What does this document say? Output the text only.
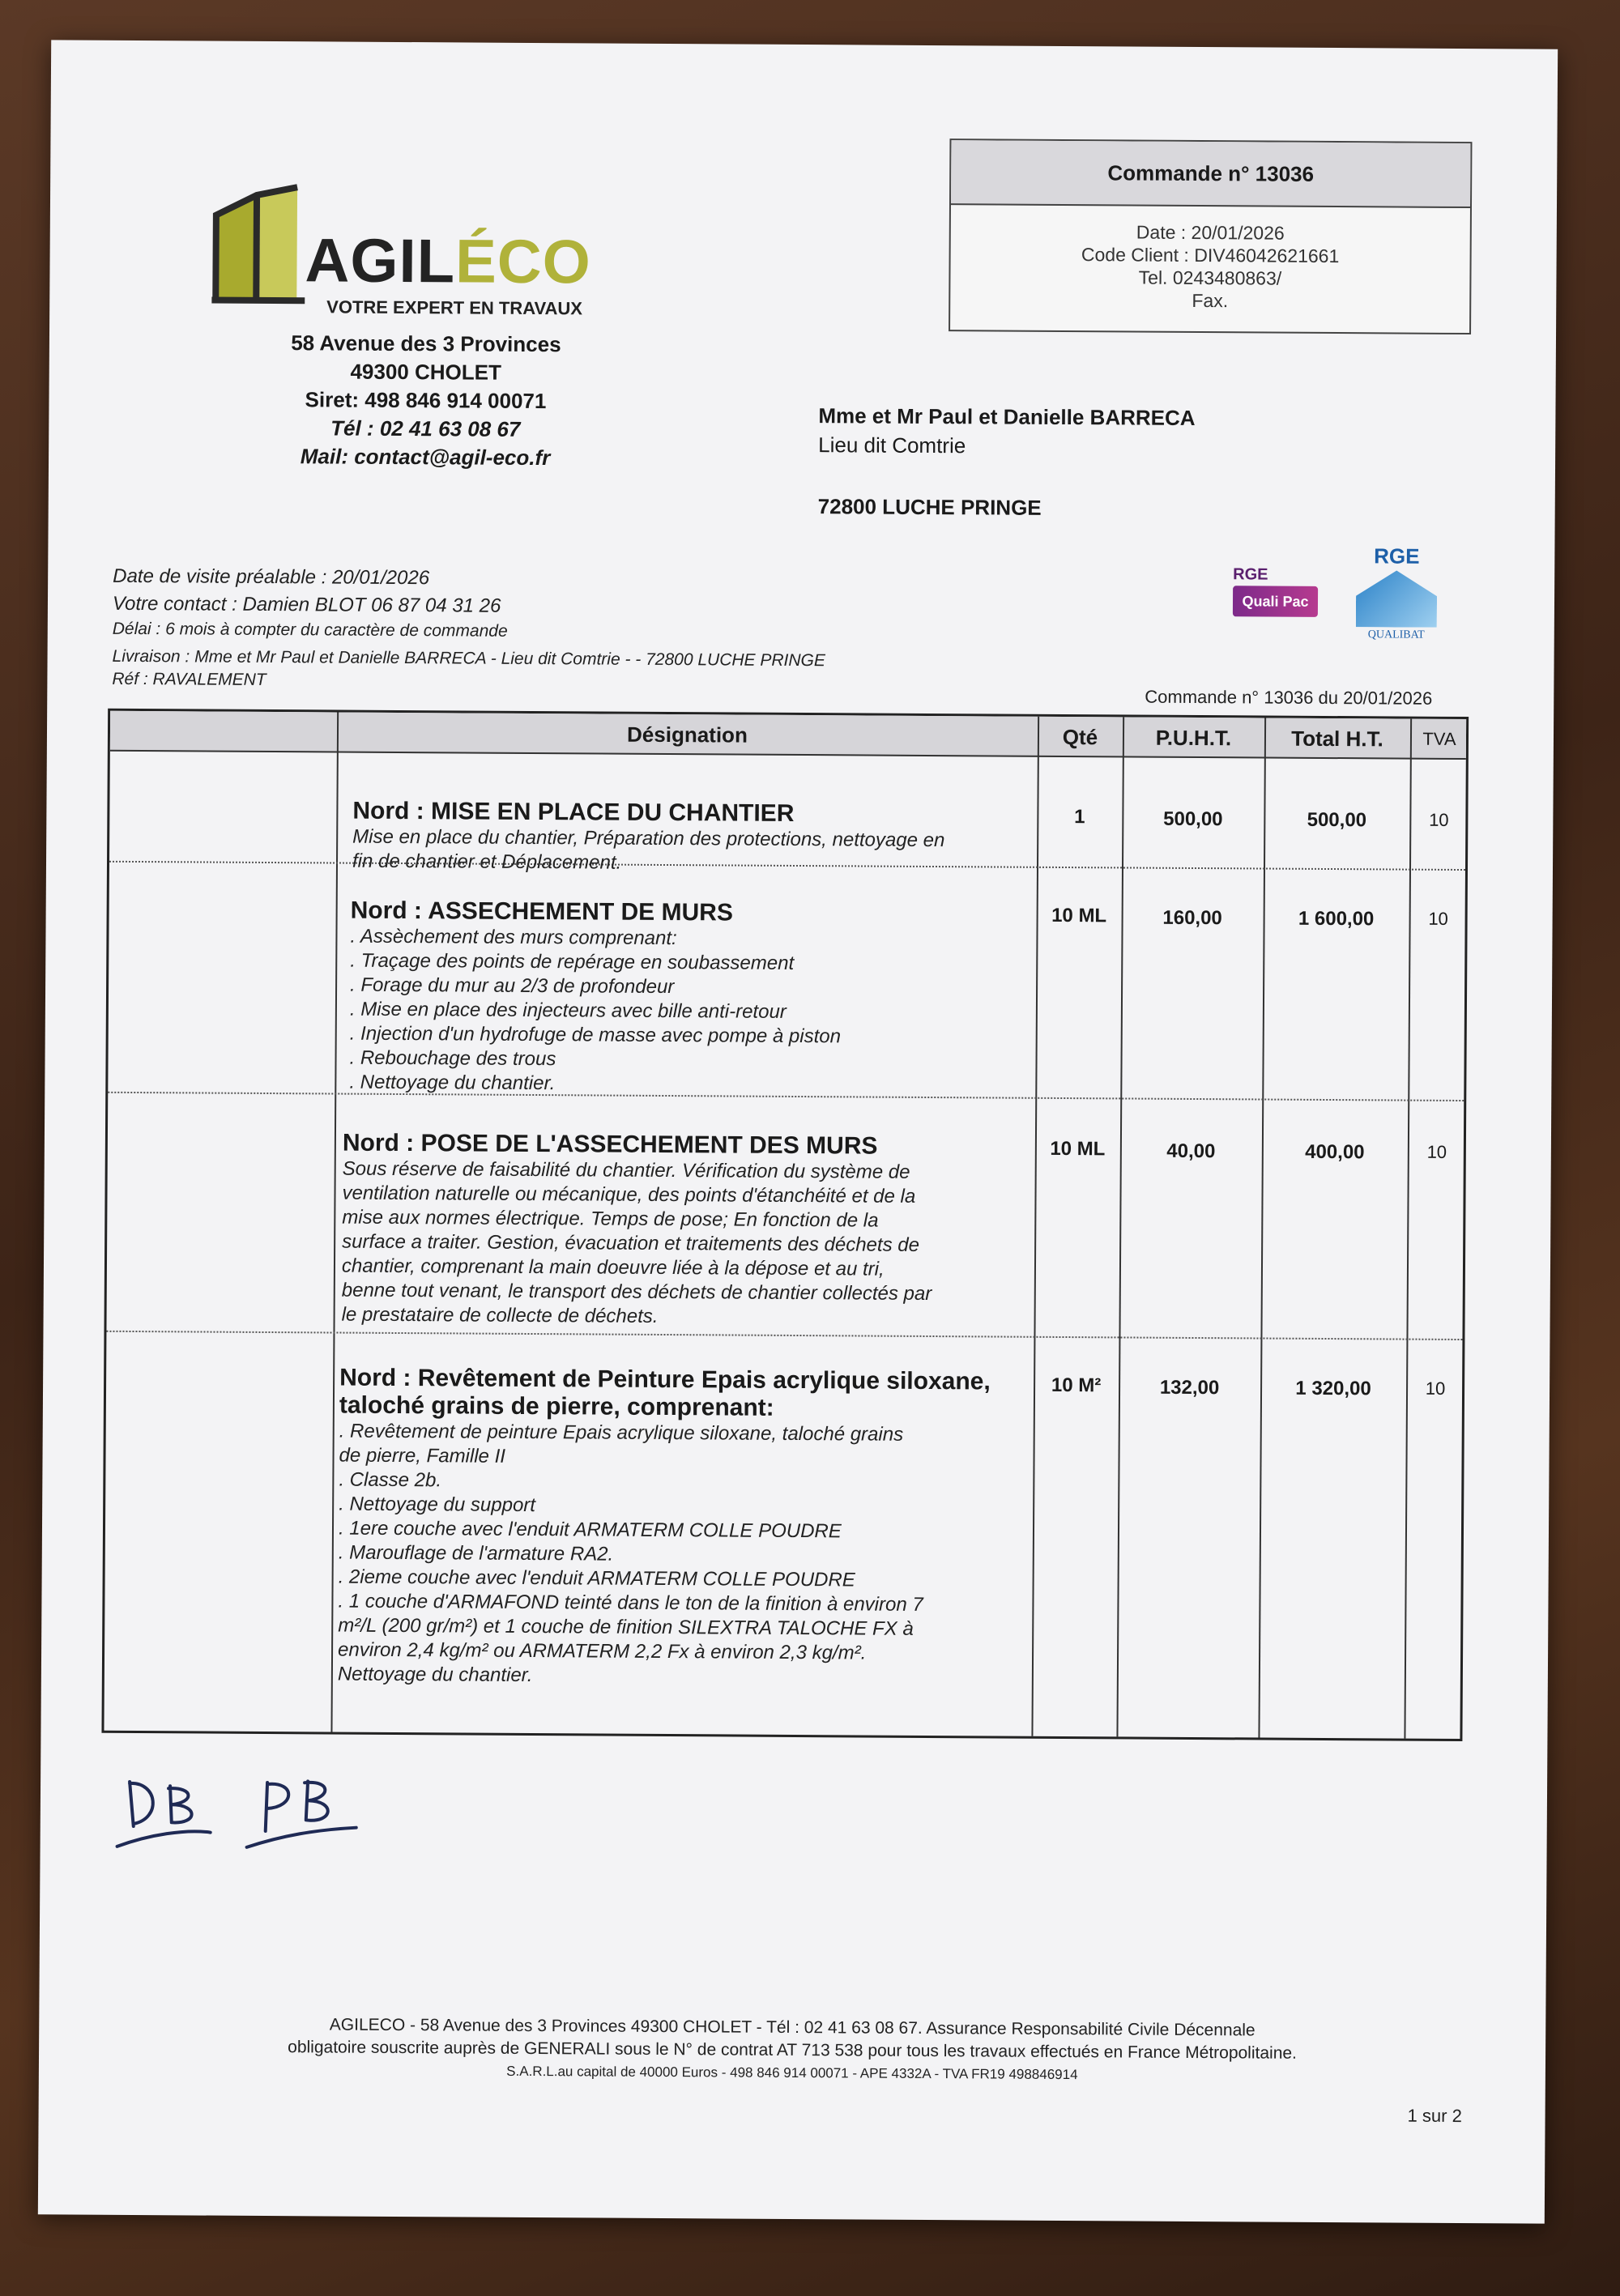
AGILÉCO
VOTRE EXPERT EN TRAVAUX
58 Avenue des 3 Provinces
49300 CHOLET
Siret: 498 846 914 00071
Tél : 02 41 63 08 67
Mail: contact@agil-eco.fr
Commande n° 13036
Date : 20/01/2026
Code Client : DIV46042621661
Tel. 0243480863/
Fax.
Mme et Mr Paul et Danielle BARRECA
Lieu dit Comtrie
72800 LUCHE PRINGE
RGE
Quali Pac
RGE
QUALIBAT
Date de visite préalable : 20/01/2026
Votre contact : Damien BLOT 06 87 04 31 26
Délai : 6 mois à compter du caractère de commande
Livraison : Mme et Mr Paul et Danielle BARRECA - Lieu dit Comtrie - - 72800 LUCHE PRINGE
Réf : RAVALEMENT
Commande n° 13036 du 20/01/2026
Désignation	Qté	P.U.H.T.	Total H.T.	TVA
Nord : MISE EN PLACE DU CHANTIER
Mise en place du chantier, Préparation des protections, nettoyage en
fin de chantier et Déplacement.
1	500,00	500,00	10
Nord : ASSECHEMENT DE MURS
. Assèchement des murs comprenant:
. Traçage des points de repérage en soubassement
. Forage du mur au 2/3 de profondeur
. Mise en place des injecteurs avec bille anti-retour
. Injection d'un hydrofuge de masse avec pompe à piston
. Rebouchage des trous
. Nettoyage du chantier.
10 ML	160,00	1 600,00	10
Nord : POSE DE L'ASSECHEMENT DES MURS
Sous réserve de faisabilité du chantier. Vérification du système de
ventilation naturelle ou mécanique, des points d'étanchéité et de la
mise aux normes électrique. Temps de pose; En fonction de la
surface a traiter. Gestion, évacuation et traitements des déchets de
chantier, comprenant la main doeuvre liée à la dépose et au tri,
benne tout venant, le transport des déchets de chantier collectés par
le prestataire de collecte de déchets.
10 ML	40,00	400,00	10
Nord : Revêtement de Peinture Epais acrylique siloxane, taloché grains de pierre, comprenant:
. Revêtement de peinture Epais acrylique siloxane, taloché grains
de pierre, Famille II
. Classe 2b.
. Nettoyage du support
. 1ere couche avec l'enduit ARMATERM COLLE POUDRE
. Marouflage de l'armature RA2.
. 2ieme couche avec l'enduit ARMATERM COLLE POUDRE
. 1 couche d'ARMAFOND teinté dans le ton de la finition à environ 7
m²/L (200 gr/m²) et 1 couche de finition SILEXTRA TALOCHE FX à
environ 2,4 kg/m² ou ARMATERM 2,2 Fx à environ 2,3 kg/m².
Nettoyage du chantier.
10 M²	132,00	1 320,00	10
AGILECO - 58 Avenue des 3 Provinces 49300 CHOLET - Tél : 02 41 63 08 67. Assurance Responsabilité Civile Décennale
obligatoire souscrite auprès de GENERALI sous le N° de contrat AT 713 538 pour tous les travaux effectués en France Métropolitaine.
S.A.R.L.au capital de 40000 Euros - 498 846 914 00071 - APE 4332A - TVA FR19 498846914
1 sur 2
